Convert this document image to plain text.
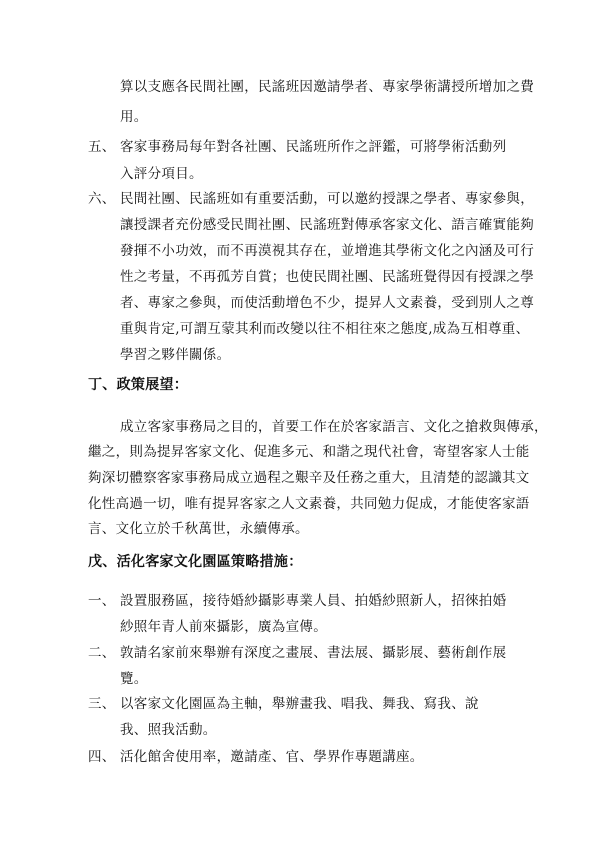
算以支應各民間社團，民謠班因邀請學者、專家學術講授所增加之費
用。
五、 客家事務局每年對各社團、民謠班所作之評鑑，可將學術活動列
入評分項目。
六、 民間社團、民謠班如有重要活動，可以邀約授課之學者、專家參與，
讓授課者充份感受民間社團、民謠班對傳承客家文化、語言確實能夠
發揮不小功效，而不再漠視其存在，並增進其學術文化之內涵及可行
性之考量，不再孤芳自賞；也使民間社團、民謠班覺得因有授課之學
者、專家之參與，而使活動增色不少，提昇人文素養，受到別人之尊
重與肯定,可謂互蒙其利而改變以往不相往來之態度,成為互相尊重、
學習之夥伴關係。
丁、政策展望：
成立客家事務局之目的，首要工作在於客家語言、文化之搶救與傳承，
繼之，則為提昇客家文化、促進多元、和諧之現代社會，寄望客家人士能
夠深切體察客家事務局成立過程之艱辛及任務之重大，且清楚的認識其文
化性高過一切，唯有提昇客家之人文素養，共同勉力促成，才能使客家語
言、文化立於千秋萬世，永續傳承。
戊、活化客家文化園區策略措施：
一、 設置服務區，接待婚紗攝影專業人員、拍婚紗照新人，招徠拍婚
紗照年青人前來攝影，廣為宣傳。
二、 敦請名家前來舉辦有深度之畫展、書法展、攝影展、藝術創作展
覽。
三、 以客家文化園區為主軸，舉辦畫我、唱我、舞我、寫我、說
我、照我活動。
四、 活化館舍使用率，邀請產、官、學界作專題講座。
